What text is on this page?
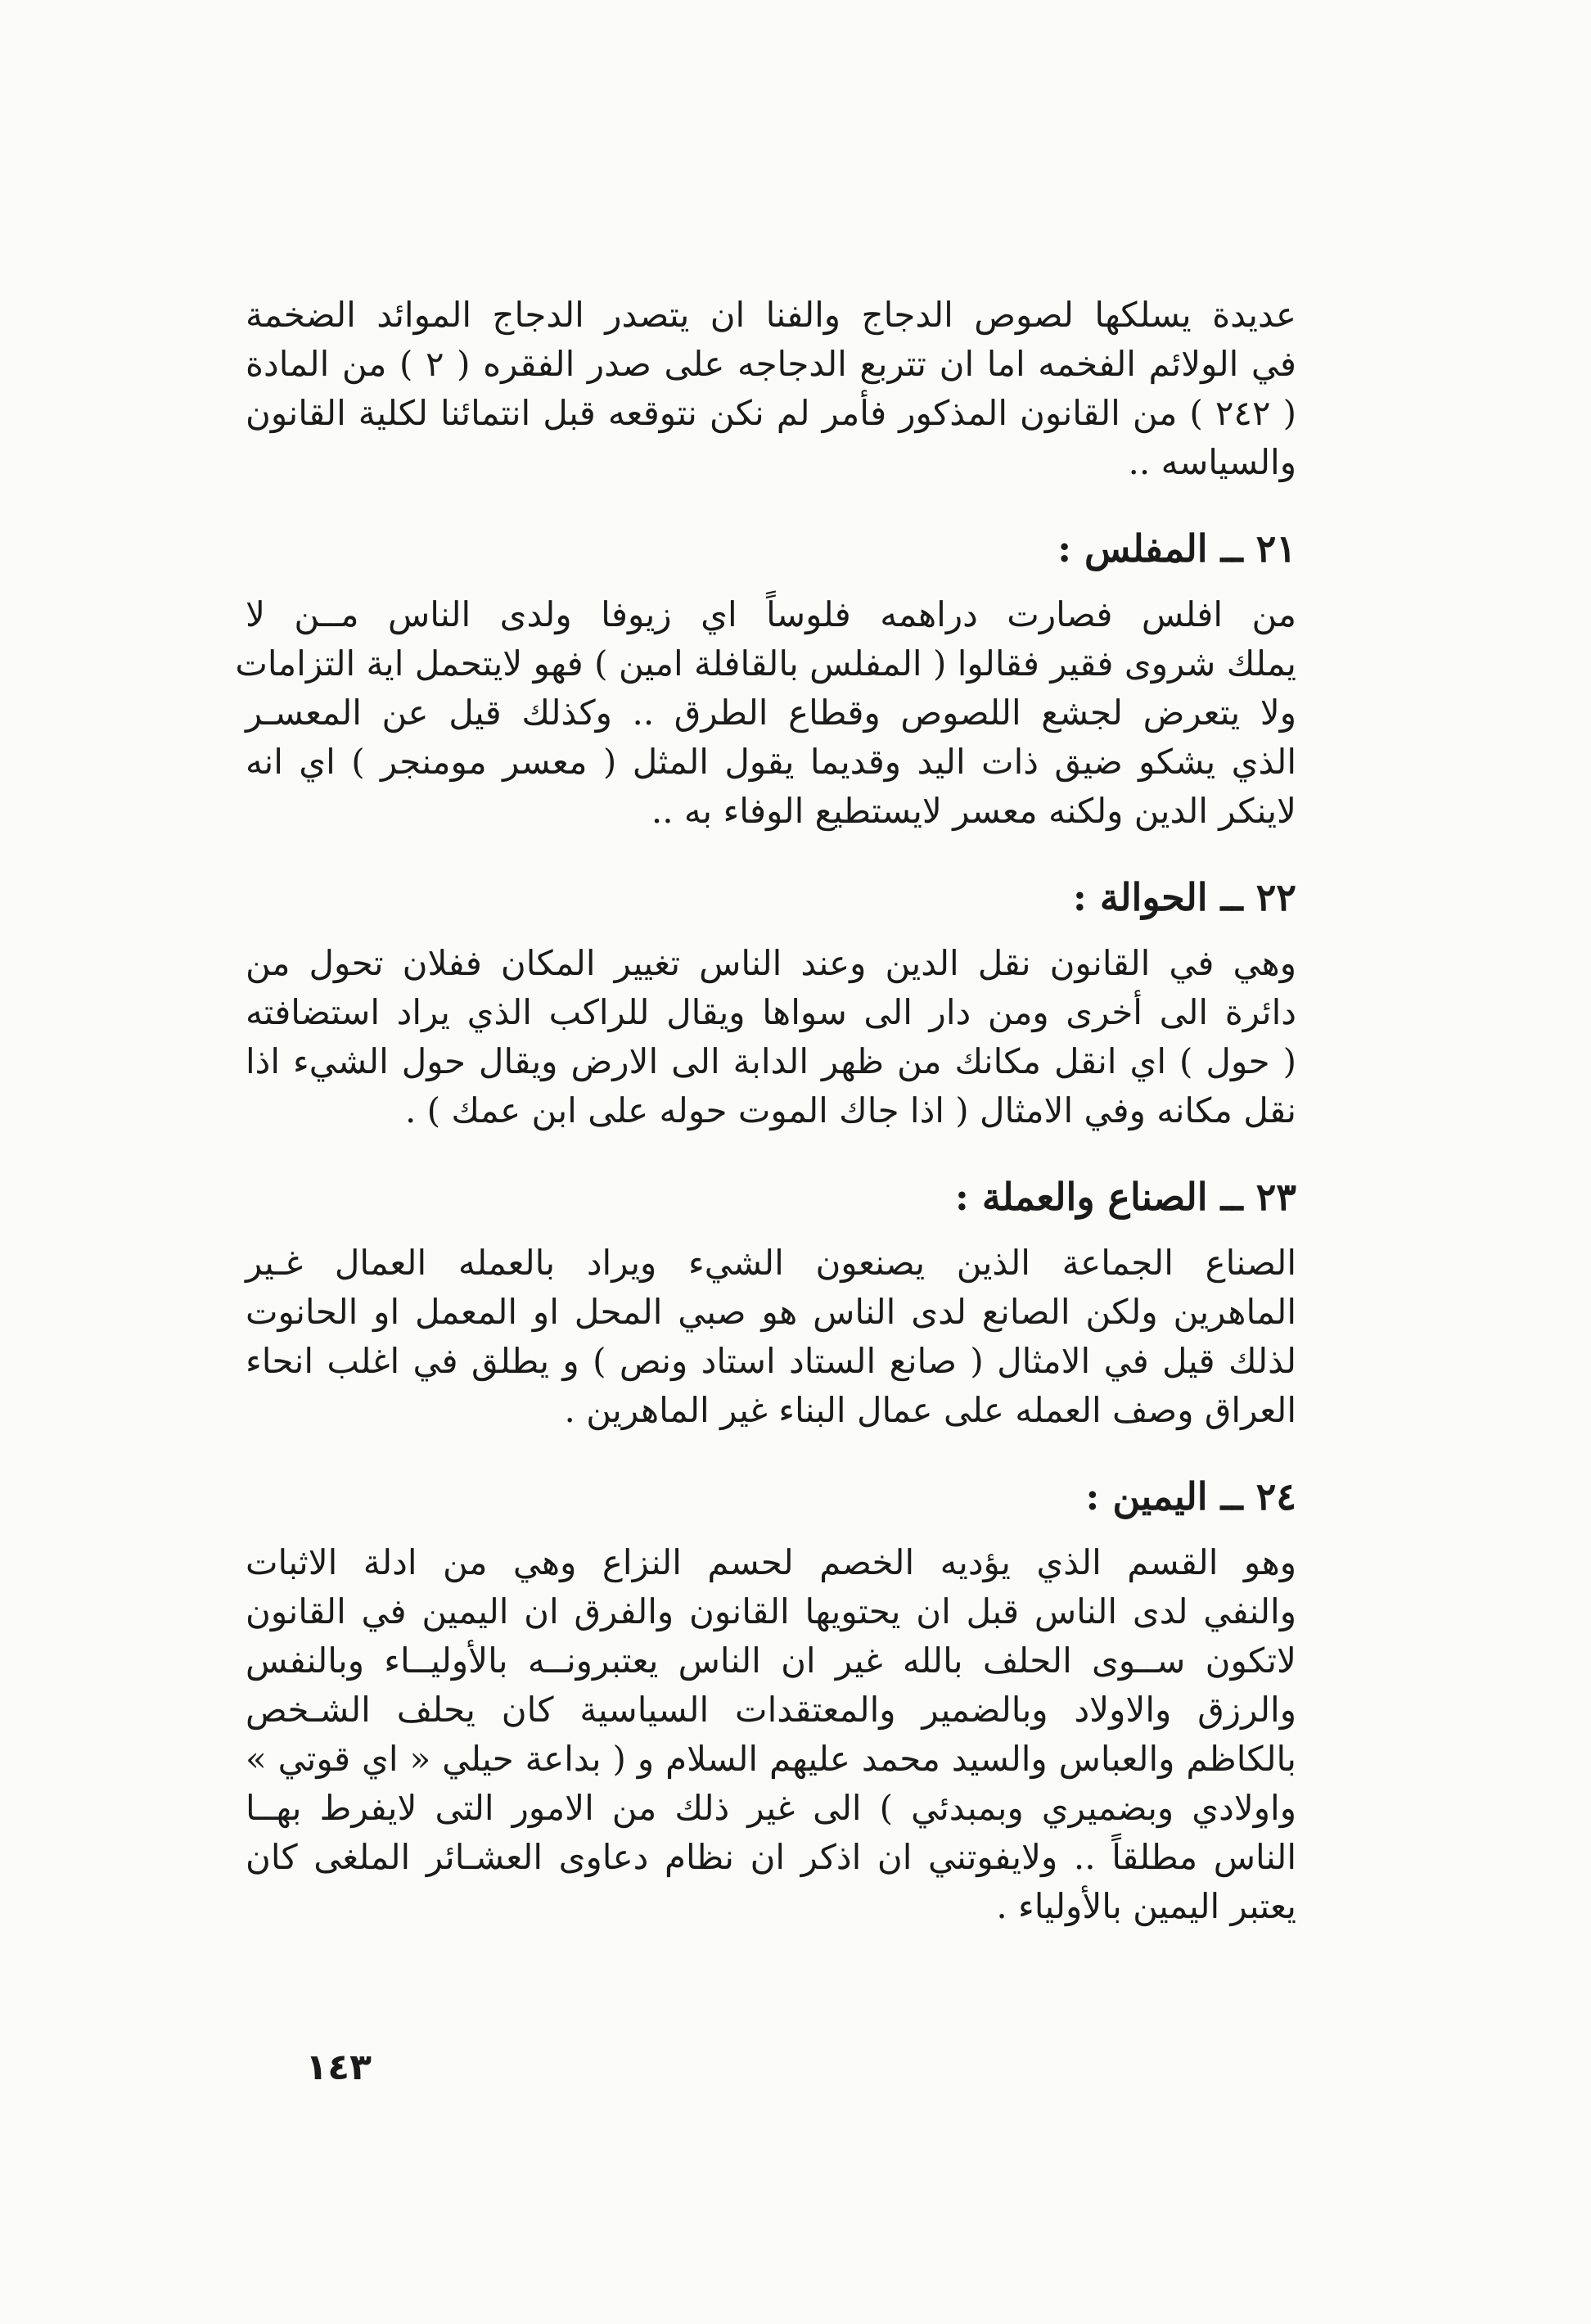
عديدة يسلكها لصوص الدجاج والفنا ان يتصدر الدجاج الموائد الضخمة
في الولائم الفخمه اما ان تتربع الدجاجه على صدر الفقره ( ٢ ) من المادة
( ٢٤٢ ) من القانون المذكور فأمر لم نكن نتوقعه قبل انتمائنا لكلية القانون
والسياسه ..
٢١ ــ المفلس :
من افلس فصارت دراهمه فلوساً اي زيوفا ولدى الناس مــن لا
يملك شروى فقير فقالوا ( المفلس بالقافلة امين ) فهو لايتحمل اية التزامات
ولا يتعرض لجشع اللصوص وقطاع الطرق .. وكذلك قيل عن المعسـر
الذي يشكو ضيق ذات اليد وقديما يقول المثل ( معسر مومنجر ) اي انه
لاينكر الدين ولكنه معسر لايستطيع الوفاء به ..
٢٢ ــ الحوالة :
وهي في القانون نقل الدين وعند الناس تغيير المكان ففلان تحول من
دائرة الى أخرى ومن دار الى سواها ويقال للراكب الذي يراد استضافته
( حول ) اي انقل مكانك من ظهر الدابة الى الارض ويقال حول الشيء اذا
نقل مكانه وفي الامثال ( اذا جاك الموت حوله على ابن عمك ) .
٢٣ ــ الصناع والعملة :
الصناع الجماعة الذين يصنعون الشيء ويراد بالعمله العمال غـير
الماهرين ولكن الصانع لدى الناس هو صبي المحل او المعمل او الحانوت
لذلك قيل في الامثال ( صانع الستاد استاد ونص ) و يطلق في اغلب انحاء
العراق وصف العمله على عمال البناء غير الماهرين .
٢٤ ــ اليمين :
وهو القسم الذي يؤديه الخصم لحسم النزاع وهي من ادلة الاثبات
والنفي لدى الناس قبل ان يحتويها القانون والفرق ان اليمين في القانون
لاتكون ســوى الحلف بالله غير ان الناس يعتبرونــه بالأوليــاء وبالنفس
والرزق والاولاد وبالضمير والمعتقدات السياسية كان يحلف الشـخص
بالكاظم والعباس والسيد محمد عليهم السلام و ( بداعة حيلي « اي قوتي »
واولادي وبضميري وبمبدئي ) الى غير ذلك من الامور التى لايفرط بهــا
الناس مطلقاً .. ولايفوتني ان اذكر ان نظام دعاوى العشـائر الملغى كان
يعتبر اليمين بالأولياء .
١٤٣
